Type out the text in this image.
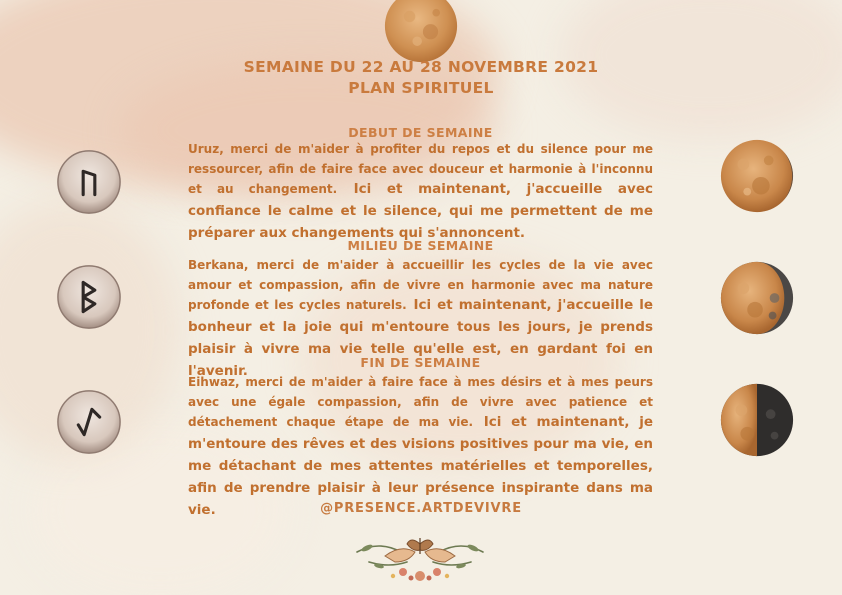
SEMAINE DU 22 AU 28 NOVEMBRE 2021
PLAN SPIRITUEL
DEBUT DE SEMAINE
Uruz, merci de m'aider à profiter du repos et du silence pour me ressourcer, afin de faire face avec douceur et harmonie à l'inconnu et au changement. Ici et maintenant, j'accueille avec confiance le calme et le silence, qui me permettent de me préparer aux changements qui s'annoncent.
MILIEU DE SEMAINE
Berkana, merci de m'aider à accueillir les cycles de la vie avec amour et compassion, afin de vivre en harmonie avec ma nature profonde et les cycles naturels. Ici et maintenant, j'accueille le bonheur et la joie qui m'entoure tous les jours, je prends plaisir à vivre ma vie telle qu'elle est, en gardant foi en l'avenir.
FIN DE SEMAINE
Eihwaz, merci de m'aider à faire face à mes désirs et à mes peurs avec une égale compassion, afin de vivre avec patience et détachement chaque étape de ma vie. Ici et maintenant, je m'entoure des rêves et des visions positives pour ma vie, en me détachant de mes attentes matérielles et temporelles, afin de prendre plaisir à leur présence inspirante dans ma vie.	@PRESENCE.ARTDEVIVRE
